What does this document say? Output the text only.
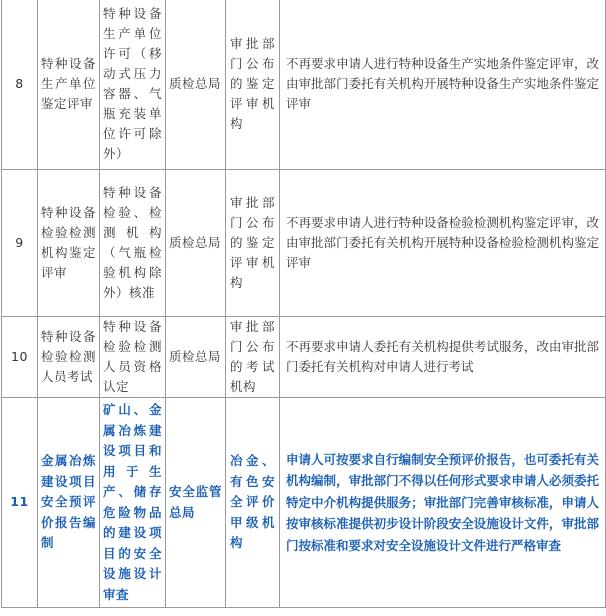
8	特种设备生产单位鉴定评审	特种设备生产单位许可（移动式压力容器、气瓶充装单位许可除外）	质检总局	审批部门公布的鉴定评审机构	不再要求申请人进行特种设备生产实地条件鉴定评审，改由审批部门委托有关机构开展特种设备生产实地条件鉴定评审
9	特种设备检验检测机构鉴定评审	特种设备检验、检测机构（气瓶检验机构除外）核准	质检总局	审批部门公布的鉴定评审机构	不再要求申请人进行特种设备检验检测机构鉴定评审，改由审批部门委托有关机构开展特种设备检验检测机构鉴定评审
10	特种设备检验检测人员考试	特种设备检验检测人员资格认定	质检总局	审批部门公布的考试机构	不再要求申请人委托有关机构提供考试服务，改由审批部门委托有关机构对申请人进行考试
11	金属冶炼建设项目安全预评价报告编制	矿山、金属冶炼建设项目和用于生产、储存危险物品的建设项目的安全设施设计审查	安全监管总局	冶金、有色安全评价甲级机构	申请人可按要求自行编制安全预评价报告，也可委托有关机构编制，审批部门不得以任何形式要求申请人必须委托特定中介机构提供服务；审批部门完善审核标准，申请人按审核标准提供初步设计阶段安全设施设计文件，审批部门按标准和要求对安全设施设计文件进行严格审查
